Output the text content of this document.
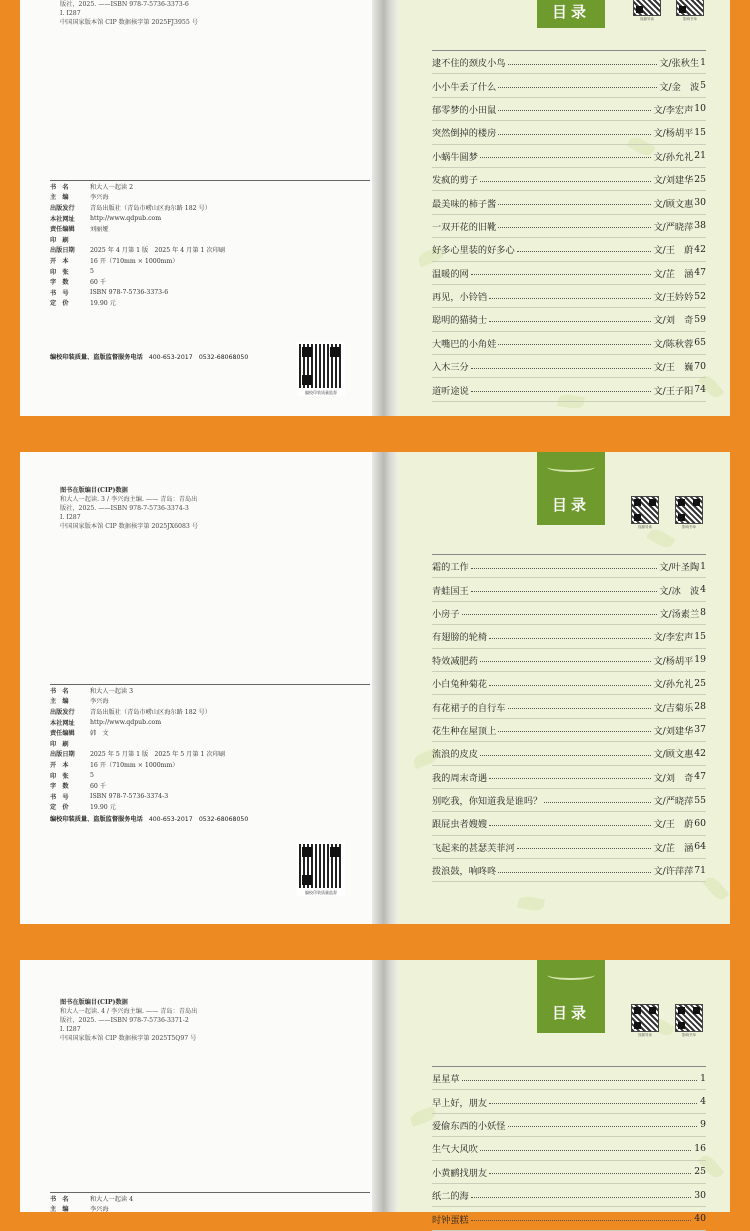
版社，2025. ——ISBN 978-7-5736-3373-6
Ⅰ. I287
中国国家版本馆 CIP 数据核字第 2025FJ3955 号
书　名	和大人一起读 2
主　编	李兴海
出版发行	青岛出版社（青岛市崂山区海尔路 182 号）
本社网址	http://www.qdpub.com
责任编辑	刘丽娅
印　刷
出版日期	2025 年 4 月第 1 版　2025 年 4 月第 1 次印刷
开　本	16 开（710mm × 1000mm）
印　张	5
字　数	60 千
书　号	ISBN 978-7-5736-3373-6
定　价	19.90 元
编校印装质量、盗版监督服务电话 400-653-2017　0532-68068050
编校印装质量监督
目录	视频导读	影响书单
逮不住的颈皮小鸟	文/张秋生 1
小小牛丢了什么	文/金　波 5
郁零梦的小田鼠	文/李宏声 10
突然倒掉的楼房	文/杨胡平 15
小蜗牛圆梦	文/孙允礼 21
发疯的剪子	文/刘建华 25
最美味的柿子酱	文/顾文惠 30
一双开花的旧靴	文/严晓萍 38
好多心里装的好多心	文/王　蔚 42
温暖的网	文/芷　涵 47
再见，小铃铛	文/王妗妗 52
聪明的猫骑士	文/刘　奇 59
大嘴巴的小角娃	文/陈秋蓉 65
入木三分	文/王　巍 70
道听途说	文/王子阳 74
图书在版编目(CIP)数据
和大人一起读. 3 / 李兴海主编. —— 青岛：青岛出
版社，2025. ——ISBN 978-7-5736-3374-3
Ⅰ. I287
中国国家版本馆 CIP 数据核字第 2025JX6083 号
书　名	和大人一起读 3
主　编	李兴海
出版发行	青岛出版社（青岛市崂山区海尔路 182 号）
本社网址	http://www.qdpub.com
责任编辑	韩　文
印　刷
出版日期	2025 年 5 月第 1 版　2025 年 5 月第 1 次印刷
开　本	16 开（710mm × 1000mm）
印　张	5
字　数	60 千
书　号	ISBN 978-7-5736-3374-3
定　价	19.90 元
编校印装质量、盗版监督服务电话 400-653-2017　0532-68068050
编校印装质量监督
目录
视频导读	影响书单
霜的工作	文/叶圣陶 1
青蛙国王	文/冰　波 4
小房子	文/汤素兰 8
有翅膀的轮椅	文/李宏声 15
特效减肥药	文/杨胡平 19
小白兔种菊花	文/孙允礼 25
有花裙子的自行车	文/吉菊乐 28
花生种在屋顶上	文/刘建华 37
流浪的皮皮	文/顾文惠 42
我的周末奇遇	文/刘　奇 47
别吃我，你知道我是谁吗？	文/严晓萍 55
跟屁虫者嫂嫂	文/王　蔚 60
飞起来的甚瑟芙菲河	文/芷　涵 64
拨浪鼓，响咚咚	文/许萍萍 71
图书在版编目(CIP)数据
和大人一起读. 4 / 李兴海主编. —— 青岛：青岛出
版社，2025. ——ISBN 978-7-5736-3371-2
Ⅰ. I287
中国国家版本馆 CIP 数据核字第 2025T5Q97 号
书　名	和大人一起读 4
主　编	李兴海
目录
视频导读	影响书单
星星草	1
早上好，朋友	4
爱偷东西的小妖怪	9
生气大风吹	16
小黄鹂找朋友	25
纸二的海	30
时钟蛋糕	40
